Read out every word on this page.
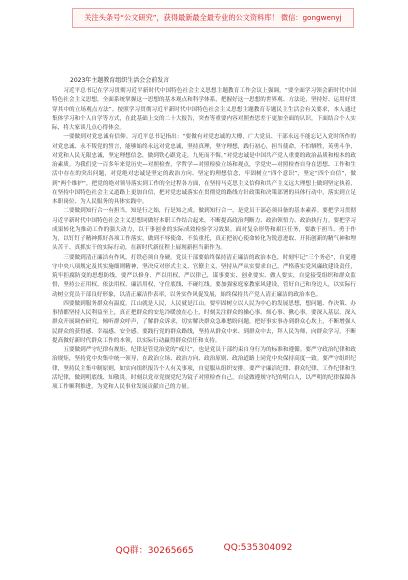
关注头条号“公文研究”，获得最新最全最专业的公文资料库！ 微信：gongwenyj
2023年主题教育组织生活会会前发言

习近平总书记在学习贯彻习近平新时代中国特色社会主义思想主题教育工作会议上强调，“要全面学习领会新时代中国特色社会主义思想，全面系统掌握这一思想的基本观点和科学体系，把握好这一思想的世界观、方法论，坚持好、运用好贯穿其中的立场观点方法”。按照学习贯彻习近平新时代中国特色社会主义思想主题教育专题民主生活会有关要求，本人通过集体学习和个人自学等方式，在此基础上交的二十大报告，突查等重要内容对照查思差于更加全面的认识。下面结合个人实际，将大家谈几点心得体会。

一要做到对党忠诚有信仰。习近平总书记指出：“要做有对党忠诚的大樽，广大党员、干部永远不能忘记入党时所作的对党忠诚、永不叛党的誓言，能够始终永远对党忠诚，坚持真理，坚守理想，践行初心，担当使命，不怕牺牲，英勇斗争，对党和人民无限忠诚，坚定理想信念，做到铁心跟党走，九死而不悔。”对党忠诚是中国共产党人重要的政治品质和根本的政治素质。为我们党一百多年来党历史—对照检查，学哲学—对照检验立场和观点，学党史—对照检查自身在思想、工作和生活中存在的突出问题，对党绝对忠诚是坚定的政治方向、坚定的理想信念，牢固树立“四个意识”，坚定“四个自信”，做到“两个维护”，把党的绝对领导落实到工作的全过程各方面，在坚持马克思主义信仰和共产主义远大理想上做到坚定执着，在坚持中国特色社会主义道路上更加自信，把对党忠诚落实在贯彻党的路线方针政策和决策部署的具体行动中，落实到立足本职岗位、为人民服务的具体实践中。

二要做到知行合一有担当。知是行之始，行是知之成。做到知行合一，是党员干部必须具备的基本素养。要把学习贯彻习近平新时代中国特色社会主义思想同做好本职工作结合起来，不断提高政治判断力、政治领悟力、政治执行力。要把学习成果转化为推动工作的强大动力，以干事创业的实际成效检验学习效果。面对复杂形势和艰巨任务，要敢于担当、勇于作为，以钉钉子精神抓好各项工作落实，做到不辱使命、不负重托，真正把初心使命转化为锐意进取、开拓创新的精气神和埋头苦干、真抓实干的实际行动，在新时代新征程上展现新担当新作为。

三要做到清正廉洁有作风。打铁必须自身硬。党员干部要始终保持清正廉洁的政治本色，时刻牢记“三个务必”，自觉遵守中央八项规定及其实施细则精神，坚决反对形式主义、官僚主义，坚持从严从实要求自己，严格落实党风廉政建设责任，筑牢拒腐防变的思想防线。要严以修身、严以用权、严以律己，谋事要实、创业要实、做人要实，自觉接受组织和群众监督，坚持公正用权、依法用权、廉洁用权，守住底线、不碰红线。要加强家庭家教家风建设，管好自己和身边人，以实际行动树立党员干部良好形象，以清正廉洁作表率，以务实作风促发展，始终保持共产党人清正廉洁的政治本色。

四要做到服务群众有温度。江山就是人民，人民就是江山。要牢固树立以人民为中心的发展思想，想问题、作决策、办事情都坚持人民利益至上，真正把群众的安危冷暖放在心上，时刻关注群众的操心事、烦心事、揪心事。要深入基层、深入群众开展调查研究，倾听群众呼声，了解群众诉求，切实解决群众急难愁盼问题，把好事实事办到群众心坎上，不断增强人民群众的获得感、幸福感、安全感。要践行党的群众路线，坚持从群众中来、到群众中去，拜人民为师，向群众学习，不断提高做好新时代群众工作的本领，以实际行动赢得群众信任和支持。

五要做到严守纪律有规矩。纪律是管党治党的“戒尺”，也是党员干部约束自身行为的标准和遵循。要严守政治纪律和政治规矩，坚持党中央集中统一领导，在政治立场、政治方向、政治原则、政治道路上同党中央保持高度一致。要严守组织纪律，坚持民主集中制原则，如实向组织报告个人有关事项，自觉服从组织安排。要严守廉洁纪律、群众纪律、工作纪律和生活纪律，做到明底线、知敬畏，时刻以党章党规党纪为镜子对照检查自己，自觉做遵规守纪的明白人，以严明的纪律保障各项工作顺利推进，为党和人民事业发展贡献自己的力量。

QQ群：30265665	QQ:535304092
